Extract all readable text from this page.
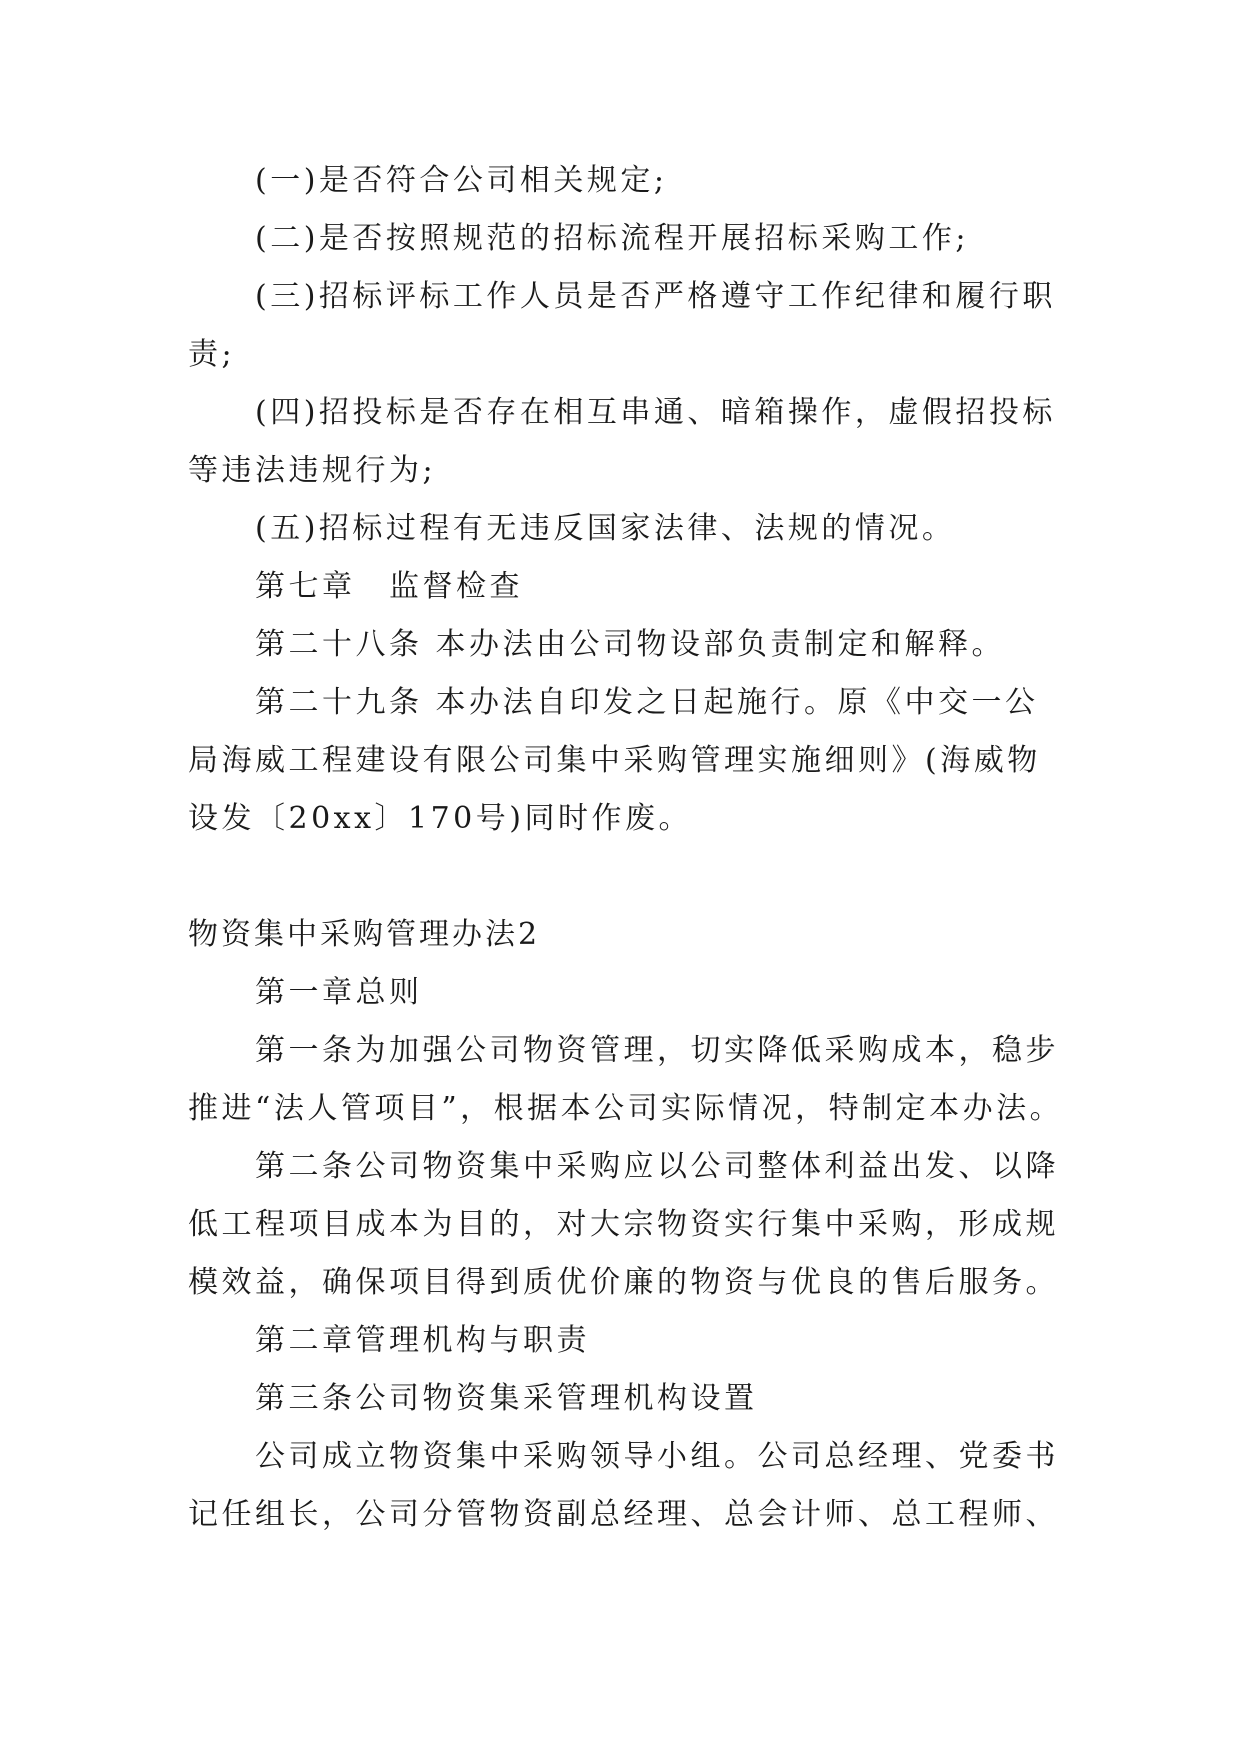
(一)是否符合公司相关规定;
(二)是否按照规范的招标流程开展招标采购工作;
(三)招标评标工作人员是否严格遵守工作纪律和履行职
责;
(四)招投标是否存在相互串通、暗箱操作，虚假招投标
等违法违规行为;
(五)招标过程有无违反国家法律、法规的情况。
第七章　监督检查
第二十八条 本办法由公司物设部负责制定和解释。
第二十九条 本办法自印发之日起施行。原《中交一公
局海威工程建设有限公司集中采购管理实施细则》(海威物
设发〔20xx〕170号)同时作废。
物资集中采购管理办法2
第一章总则
第一条为加强公司物资管理，切实降低采购成本，稳步
推进“法人管项目”，根据本公司实际情况，特制定本办法。
第二条公司物资集中采购应以公司整体利益出发、以降
低工程项目成本为目的，对大宗物资实行集中采购，形成规
模效益，确保项目得到质优价廉的物资与优良的售后服务。
第二章管理机构与职责
第三条公司物资集采管理机构设置
公司成立物资集中采购领导小组。公司总经理、党委书
记任组长，公司分管物资副总经理、总会计师、总工程师、
